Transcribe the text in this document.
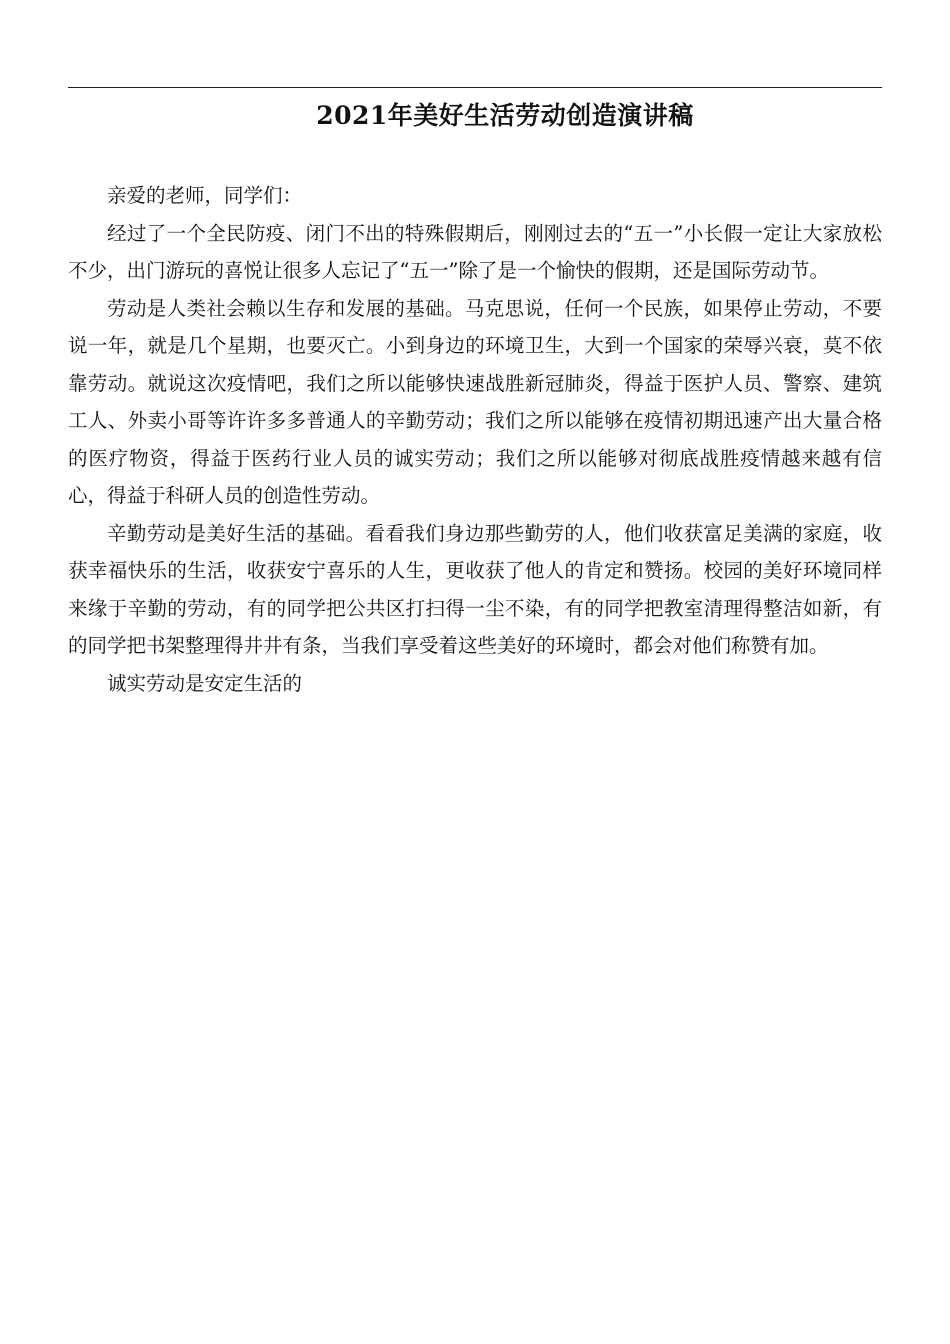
2021年美好生活劳动创造演讲稿

亲爱的老师，同学们：

经过了一个全民防疫、闭门不出的特殊假期后，刚刚过去的“五一”小长假一定让大家放松不少，出门游玩的喜悦让很多人忘记了“五一”除了是一个愉快的假期，还是国际劳动节。

劳动是人类社会赖以生存和发展的基础。马克思说，任何一个民族，如果停止劳动，不要说一年，就是几个星期，也要灭亡。小到身边的环境卫生，大到一个国家的荣辱兴衰，莫不依靠劳动。就说这次疫情吧，我们之所以能够快速战胜新冠肺炎，得益于医护人员、警察、建筑工人、外卖小哥等许许多多普通人的辛勤劳动；我们之所以能够在疫情初期迅速产出大量合格的医疗物资，得益于医药行业人员的诚实劳动；我们之所以能够对彻底战胜疫情越来越有信心，得益于科研人员的创造性劳动。

辛勤劳动是美好生活的基础。看看我们身边那些勤劳的人，他们收获富足美满的家庭，收获幸福快乐的生活，收获安宁喜乐的人生，更收获了他人的肯定和赞扬。校园的美好环境同样来缘于辛勤的劳动，有的同学把公共区打扫得一尘不染，有的同学把教室清理得整洁如新，有的同学把书架整理得井井有条，当我们享受着这些美好的环境时，都会对他们称赞有加。

诚实劳动是安定生活的
